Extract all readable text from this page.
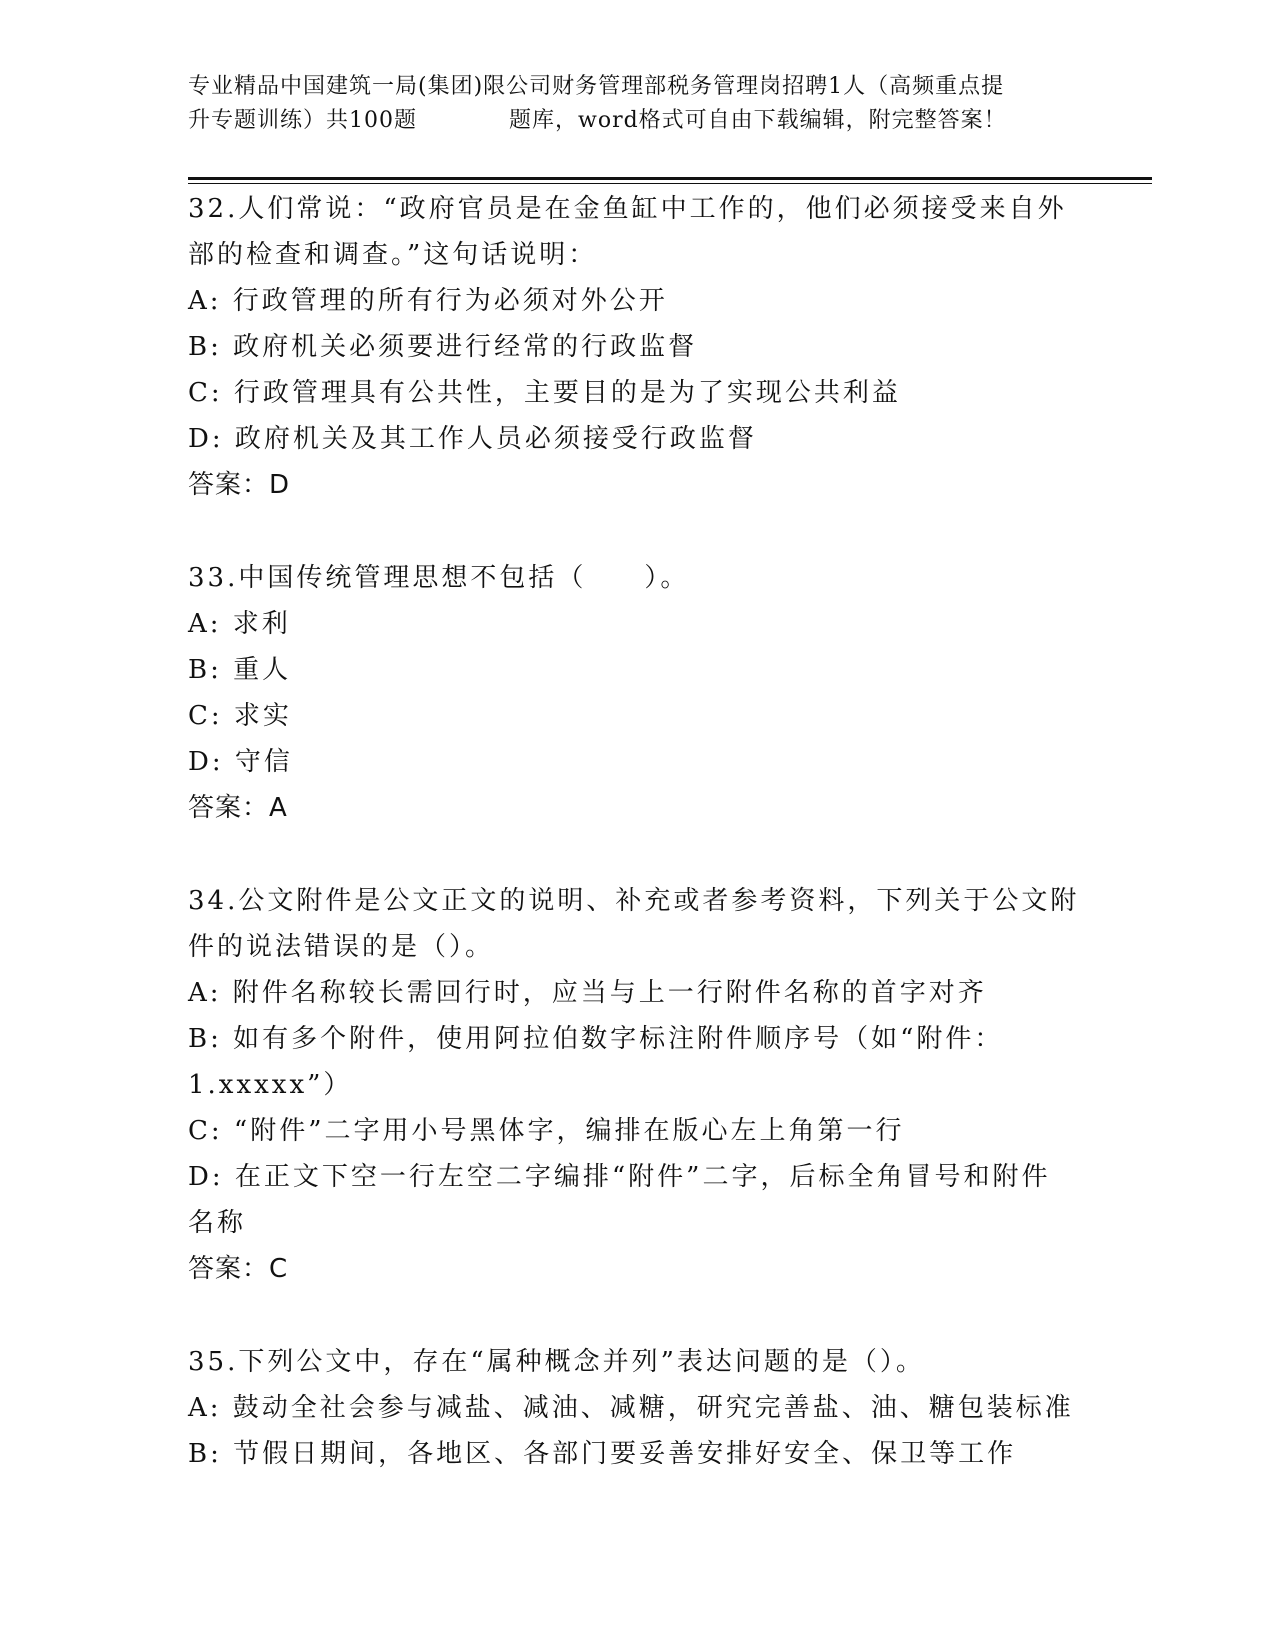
专业精品中国建筑一局(集团)限公司财务管理部税务管理岗招聘1人（高频重点提
升专题训练）共100题　　　　题库，word格式可自由下载编辑，附完整答案！
32.人们常说：“政府官员是在金鱼缸中工作的，他们必须接受来自外
部的检查和调查。”这句话说明：
A: 行政管理的所有行为必须对外公开
B: 政府机关必须要进行经常的行政监督
C: 行政管理具有公共性，主要目的是为了实现公共利益
D: 政府机关及其工作人员必须接受行政监督
答案：D
33.中国传统管理思想不包括（　　）。
A: 求利
B: 重人
C: 求实
D: 守信
答案：A
34.公文附件是公文正文的说明、补充或者参考资料，下列关于公文附
件的说法错误的是（）。
A: 附件名称较长需回行时，应当与上一行附件名称的首字对齐
B: 如有多个附件，使用阿拉伯数字标注附件顺序号（如“附件：
1.xxxxx”）
C: “附件”二字用小号黑体字，编排在版心左上角第一行
D: 在正文下空一行左空二字编排“附件”二字，后标全角冒号和附件
名称
答案：C
35.下列公文中，存在“属种概念并列”表达问题的是（）。
A: 鼓动全社会参与减盐、减油、减糖，研究完善盐、油、糖包装标准
B: 节假日期间，各地区、各部门要妥善安排好安全、保卫等工作
